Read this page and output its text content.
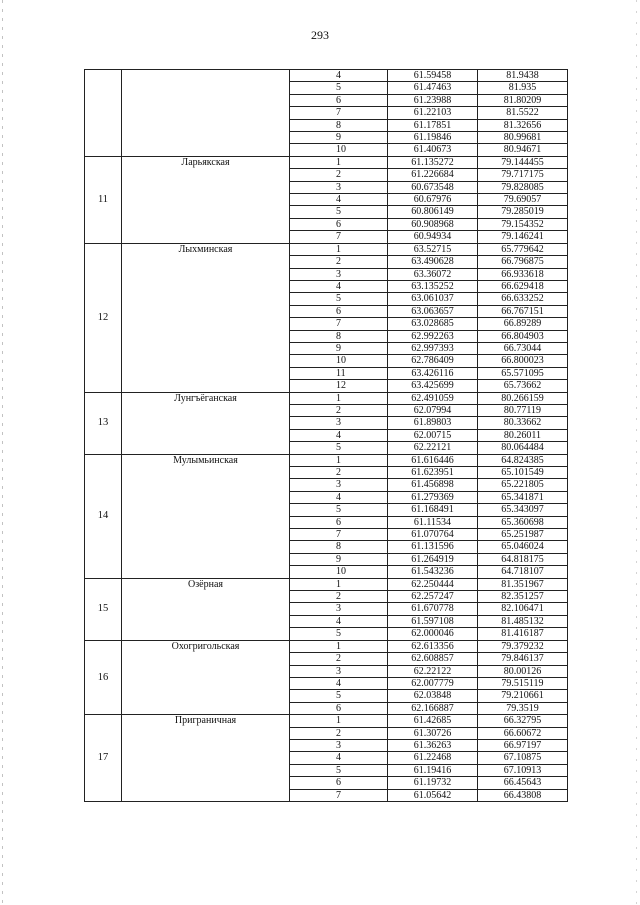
293
		4	61.59458	81.9438
		5	61.47463	81.935
		6	61.23988	81.80209
		7	61.22103	81.5522
		8	61.17851	81.32656
		9	61.19846	80.99681
		10	61.40673	80.94671
11	Ларьякская	1	61.135272	79.144455
		2	61.226684	79.717175
		3	60.673548	79.828085
		4	60.67976	79.69057
		5	60.806149	79.285019
		6	60.908968	79.154352
		7	60.94934	79.146241
12	Лыхминская	1	63.52715	65.779642
		2	63.490628	66.796875
		3	63.36072	66.933618
		4	63.135252	66.629418
		5	63.061037	66.633252
		6	63.063657	66.767151
		7	63.028685	66.89289
		8	62.992263	66.804903
		9	62.997393	66.73044
		10	62.786409	66.800023
		11	63.426116	65.571095
		12	63.425699	65.73662
13	Лунгъёганская	1	62.491059	80.266159
		2	62.07994	80.77119
		3	61.89803	80.33662
		4	62.00715	80.26011
		5	62.22121	80.064484
14	Мулымьинская	1	61.616446	64.824385
		2	61.623951	65.101549
		3	61.456898	65.221805
		4	61.279369	65.341871
		5	61.168491	65.343097
		6	61.11534	65.360698
		7	61.070764	65.251987
		8	61.131596	65.046024
		9	61.264919	64.818175
		10	61.543236	64.718107
15	Озёрная	1	62.250444	81.351967
		2	62.257247	82.351257
		3	61.670778	82.106471
		4	61.597108	81.485132
		5	62.000046	81.416187
16	Охогригольская	1	62.613356	79.379232
		2	62.608857	79.846137
		3	62.22122	80.00126
		4	62.007779	79.515119
		5	62.03848	79.210661
		6	62.166887	79.3519
17	Приграничная	1	61.42685	66.32795
		2	61.30726	66.60672
		3	61.36263	66.97197
		4	61.22468	67.10875
		5	61.19416	67.10913
		6	61.19732	66.45643
		7	61.05642	66.43808
